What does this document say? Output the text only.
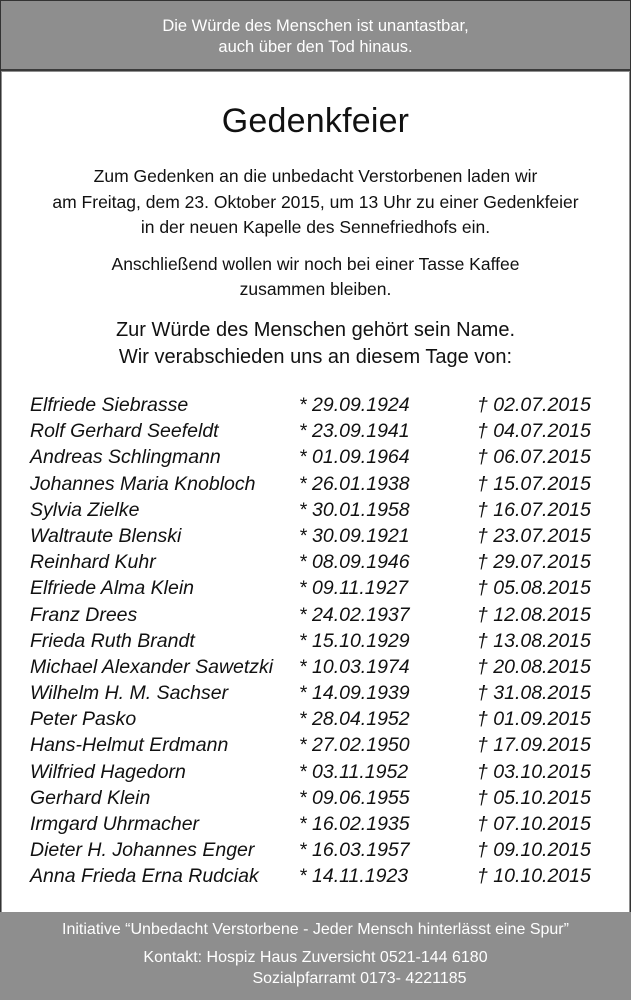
Die Würde des Menschen ist unantastbar,
auch über den Tod hinaus.
Gedenkfeier
Zum Gedenken an die unbedacht Verstorbenen laden wir
am Freitag, dem 23. Oktober 2015, um 13 Uhr zu einer Gedenkfeier
in der neuen Kapelle des Sennefriedhofs ein.
Anschließend wollen wir noch bei einer Tasse Kaffee
zusammen bleiben.
Zur Würde des Menschen gehört sein Name.
Wir verabschieden uns an diesem Tage von:
Elfriede Siebrasse	* 29.09.1924	† 02.07.2015
Rolf Gerhard Seefeldt	* 23.09.1941	† 04.07.2015
Andreas Schlingmann	* 01.09.1964	† 06.07.2015
Johannes Maria Knobloch * 26.01.1938	† 15.07.2015
Sylvia Zielke	* 30.01.1958	† 16.07.2015
Waltraute Blenski	* 30.09.1921	† 23.07.2015
Reinhard Kuhr	* 08.09.1946	† 29.07.2015
Elfriede Alma Klein	* 09.11.1927	† 05.08.2015
Franz Drees	* 24.02.1937	† 12.08.2015
Frieda Ruth Brandt	* 15.10.1929	† 13.08.2015
Michael Alexander Sawetzki * 10.03.1974	† 20.08.2015
Wilhelm H. M. Sachser	* 14.09.1939	† 31.08.2015
Peter Pasko	* 28.04.1952	† 01.09.2015
Hans-Helmut Erdmann	* 27.02.1950	† 17.09.2015
Wilfried Hagedorn	* 03.11.1952	† 03.10.2015
Gerhard Klein	* 09.06.1955	† 05.10.2015
Irmgard Uhrmacher	* 16.02.1935	† 07.10.2015
Dieter H. Johannes Enger * 16.03.1957	† 09.10.2015
Anna Frieda Erna Rudciak * 14.11.1923	† 10.10.2015
Initiative “Unbedacht Verstorbene - Jeder Mensch hinterlässt eine Spur”
Kontakt: Hospiz Haus Zuversicht 0521-144 6180
Sozialpfarramt 0173- 4221185
